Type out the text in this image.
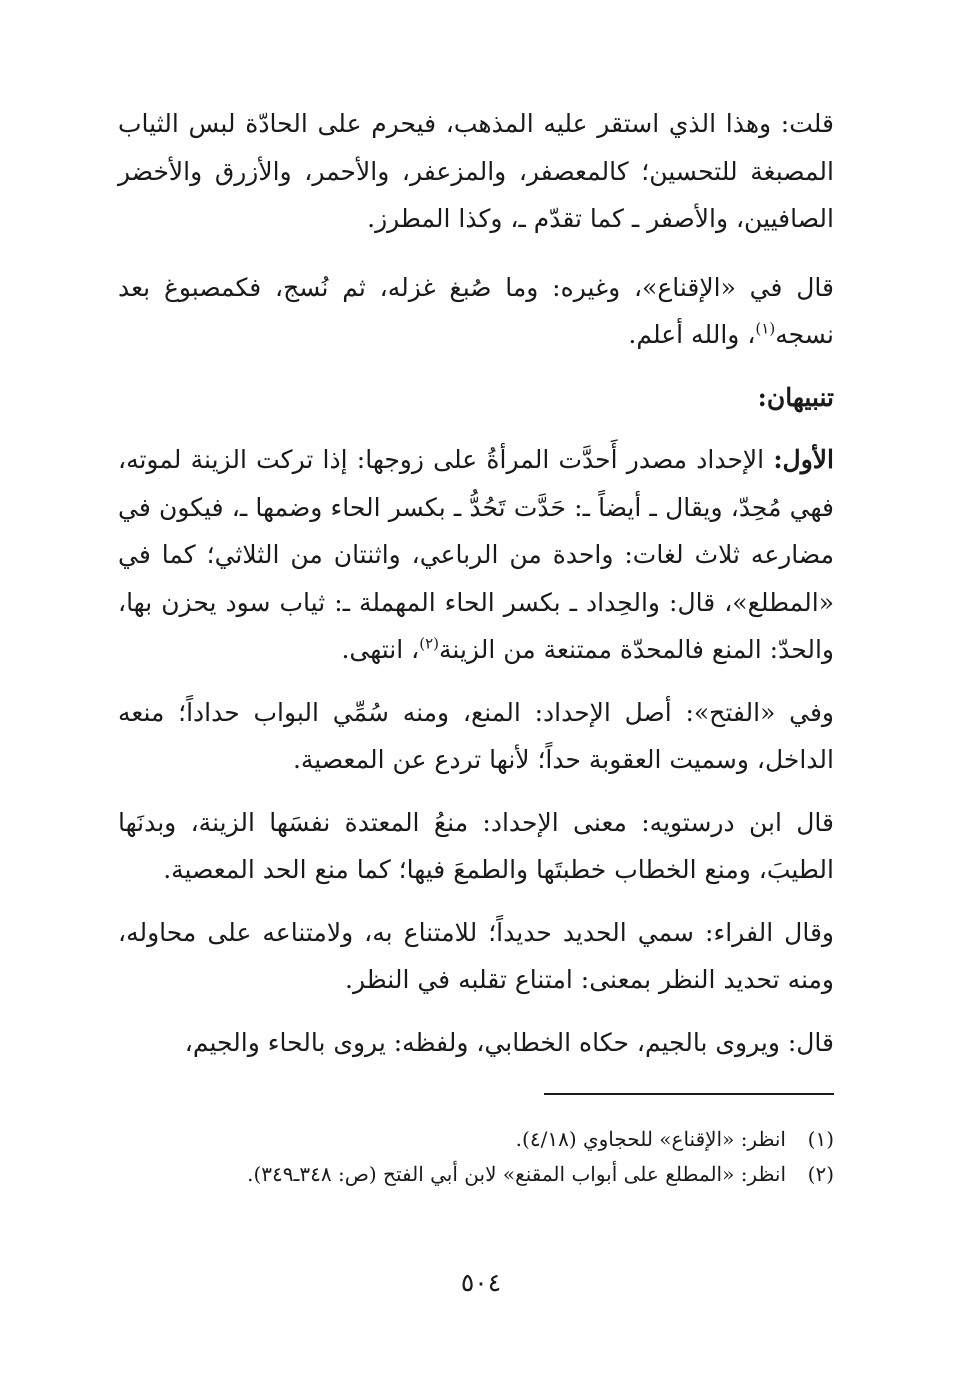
قلت: وهذا الذي استقر عليه المذهب، فيحرم على الحادّة لبس الثياب المصبغة للتحسين؛ كالمعصفر، والمزعفر، والأحمر، والأزرق والأخضر الصافيين، والأصفر ـ كما تقدّم ـ، وكذا المطرز.

قال في «الإقناع»، وغيره: وما صُبغ غزله، ثم نُسج، فكمصبوغ بعد نسجه$^{(١)}$، والله أعلم.

تنبيهان:

الأول: الإحداد مصدر أَحدَّت المرأةُ على زوجها: إذا تركت الزينة لموته، فهي مُحِدّ، ويقال ـ أيضاً ـ: حَدَّت تَحُدُّ ـ بكسر الحاء وضمها ـ، فيكون في مضارعه ثلاث لغات: واحدة من الرباعي، واثنتان من الثلاثي؛ كما في «المطلع»، قال: والحِداد ـ بكسر الحاء المهملة ـ: ثياب سود يحزن بها، والحدّ: المنع فالمحدّة ممتنعة من الزينة$^{(٢)}$، انتهى.

وفي «الفتح»: أصل الإحداد: المنع، ومنه سُمِّي البواب حداداً؛ منعه الداخل، وسميت العقوبة حداً؛ لأنها تردع عن المعصية.

قال ابن درستويه: معنى الإحداد: منعُ المعتدة نفسَها الزينة، وبدنَها الطيبَ، ومنع الخطاب خطبتَها والطمعَ فيها؛ كما منع الحد المعصية.

وقال الفراء: سمي الحديد حديداً؛ للامتناع به، ولامتناعه على محاوله، ومنه تحديد النظر بمعنى: امتناع تقلبه في النظر.

قال: ويروى بالجيم، حكاه الخطابي، ولفظه: يروى بالحاء والجيم،

(١)انظر: «الإقناع» للحجاوي (٤/١٨).

(٢)انظر: «المطلع على أبواب المقنع» لابن أبي الفتح (ص: ٣٤٨ـ٣٤٩).

٥٠٤
